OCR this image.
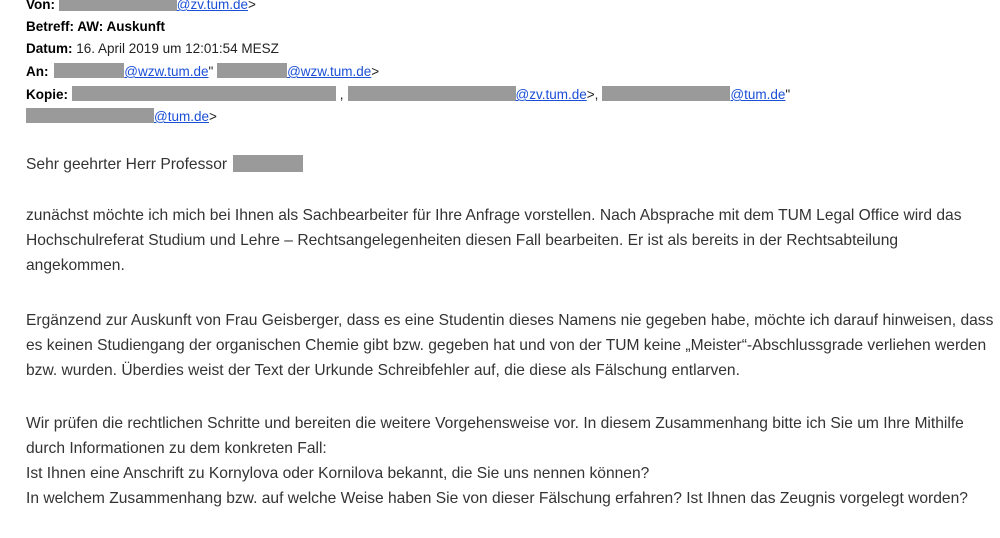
Von:	@zv.tum.de>
Betreff: AW: Auskunft
Datum: 16. April 2019 um 12:01:54 MESZ
An:	@wzw.tum.de"	@wzw.tum.de>
Kopie:	,	@zv.tum.de>,	@tum.de"
@tum.de>
Sehr geehrter Herr Professor

zunächst möchte ich mich bei Ihnen als Sachbearbeiter für Ihre Anfrage vorstellen. Nach Absprache mit dem TUM Legal Office wird das Hochschulreferat Studium und Lehre – Rechtsangelegenheiten diesen Fall bearbeiten. Er ist als bereits in der Rechtsabteilung angekommen.

Ergänzend zur Auskunft von Frau Geisberger, dass es eine Studentin dieses Namens nie gegeben habe, möchte ich darauf hinweisen, dass es keinen Studiengang der organischen Chemie gibt bzw. gegeben hat und von der TUM keine „Meister“-Abschlussgrade verliehen werden bzw. wurden. Überdies weist der Text der Urkunde Schreibfehler auf, die diese als Fälschung entlarven.

Wir prüfen die rechtlichen Schritte und bereiten die weitere Vorgehensweise vor. In diesem Zusammenhang bitte ich Sie um Ihre Mithilfe durch Informationen zu dem konkreten Fall:

Ist Ihnen eine Anschrift zu Kornylova oder Kornilova bekannt, die Sie uns nennen können?

In welchem Zusammenhang bzw. auf welche Weise haben Sie von dieser Fälschung erfahren? Ist Ihnen das Zeugnis vorgelegt worden?
